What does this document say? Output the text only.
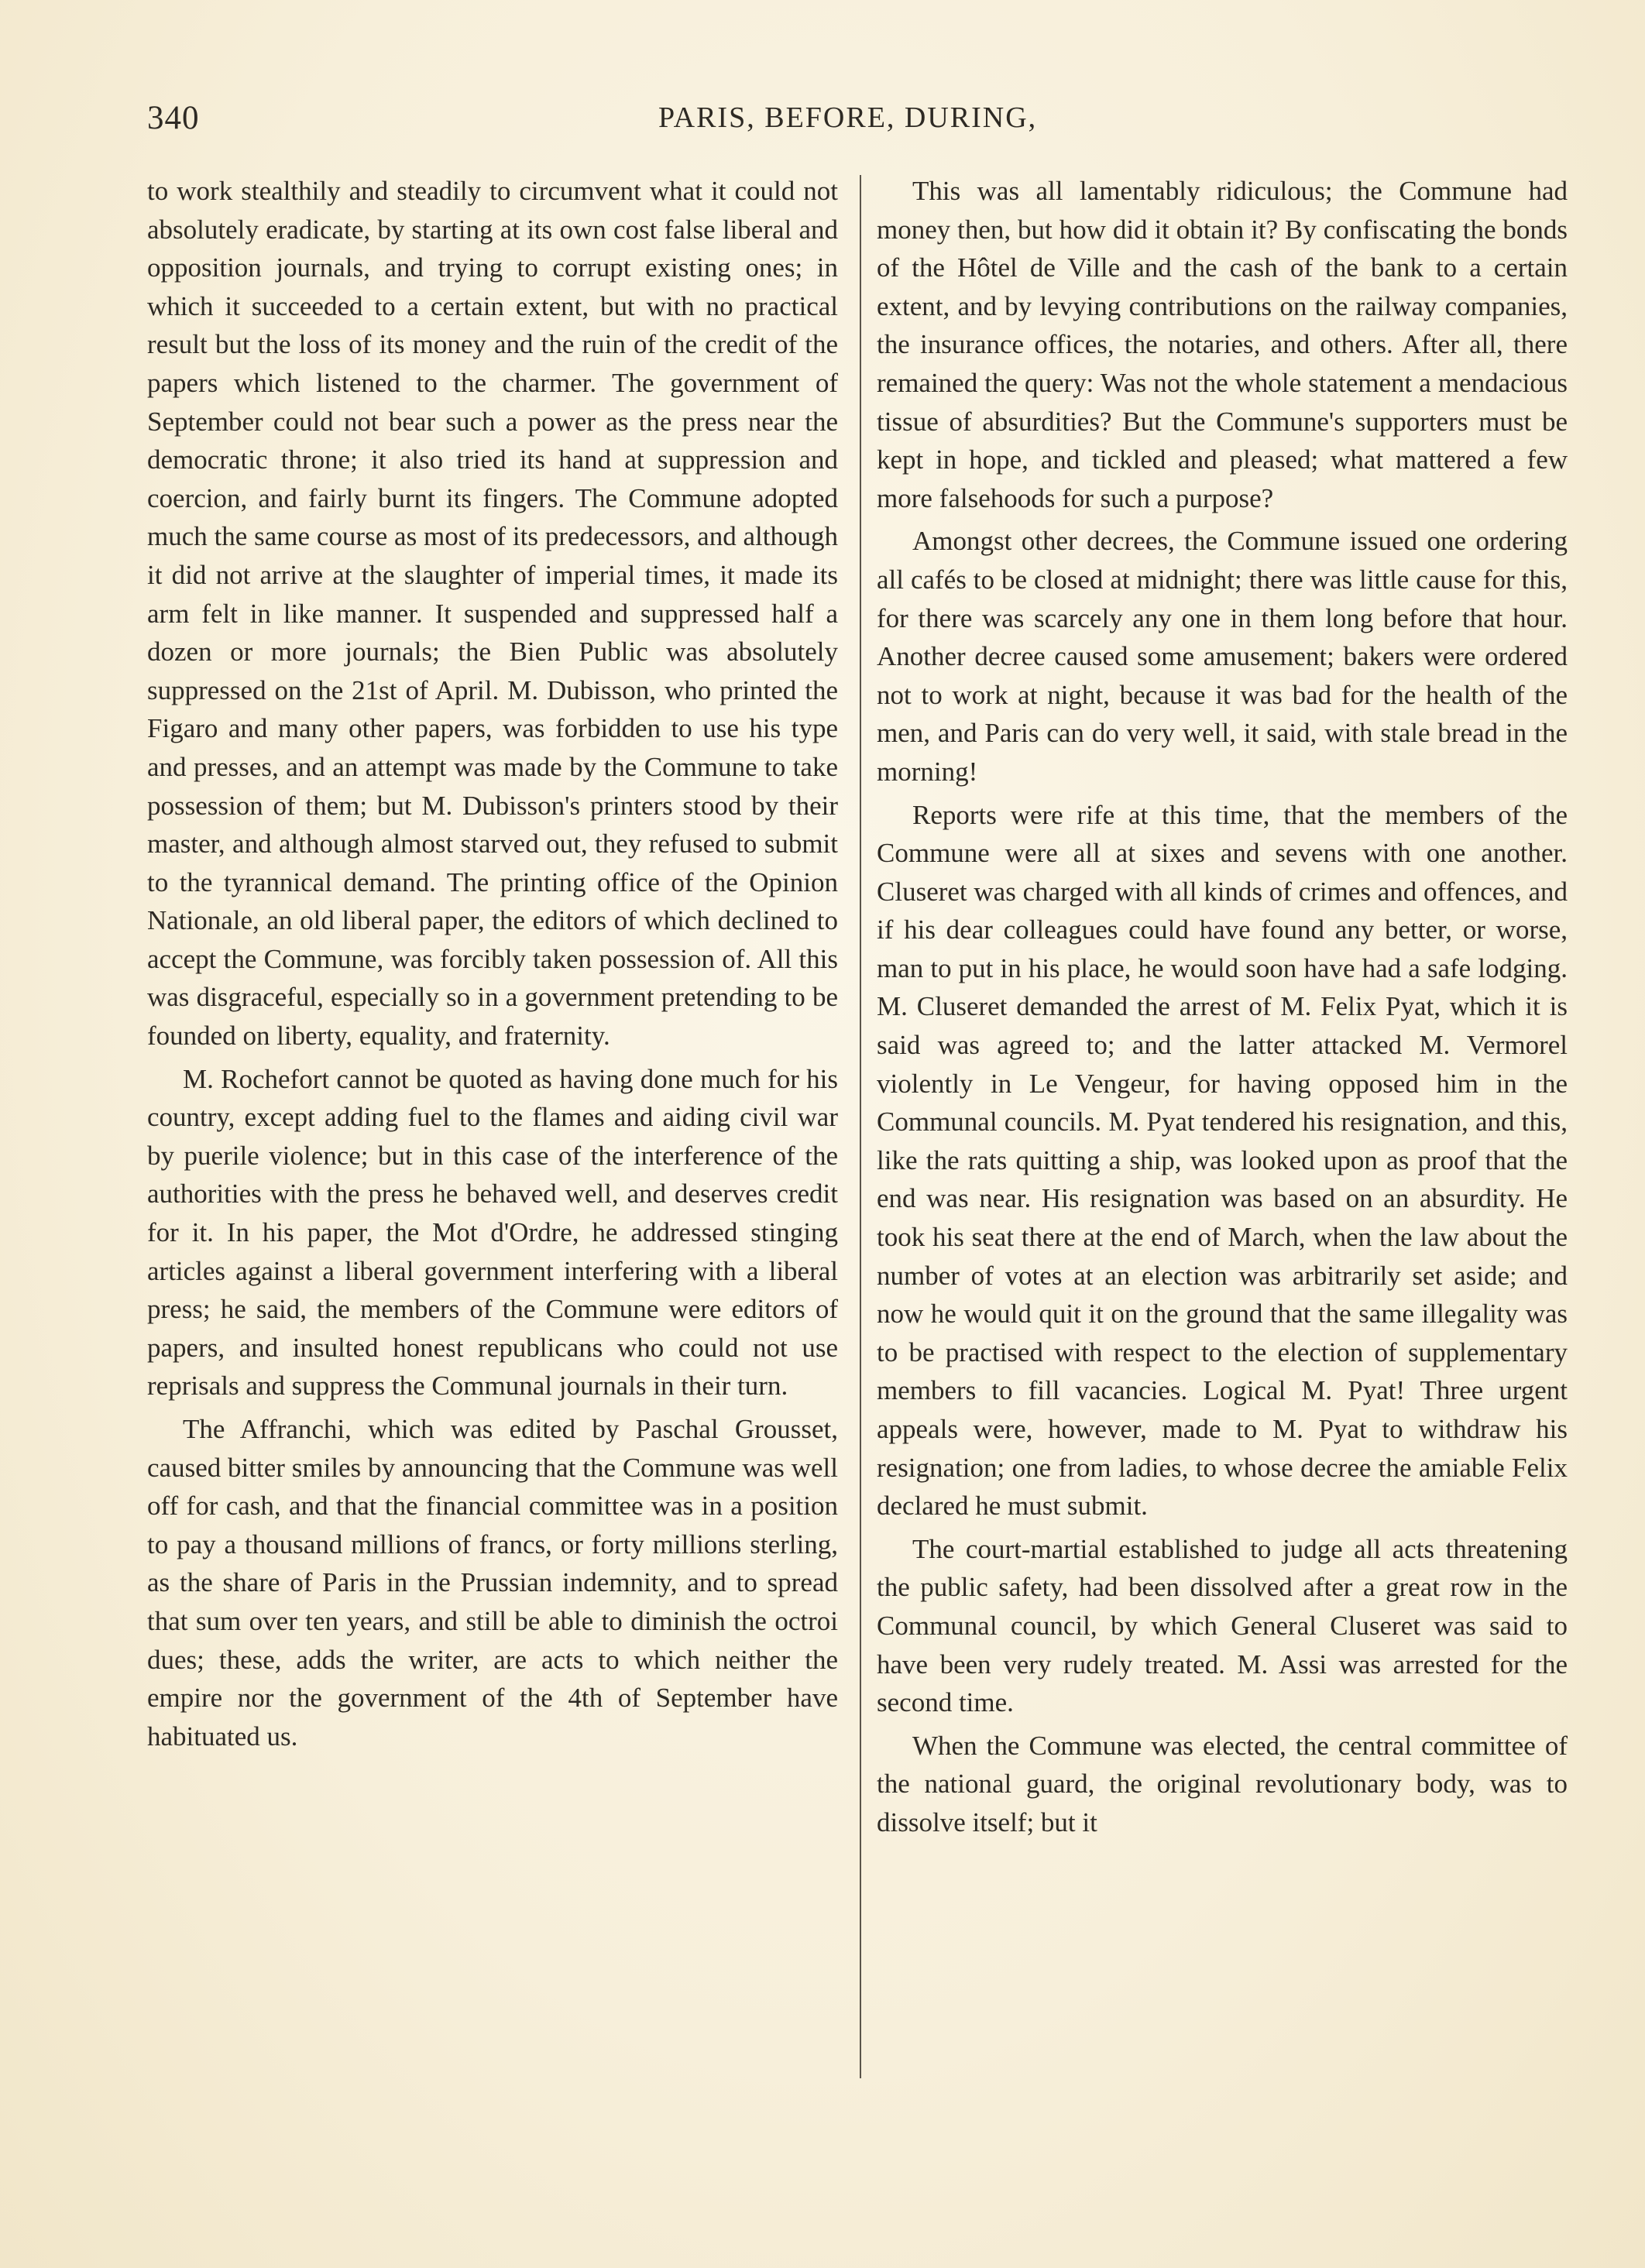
340	PARIS, BEFORE, DURING,

to work stealthily and steadily to circumvent what it could not absolutely eradicate, by starting at its own cost false liberal and opposition journals, and trying to corrupt existing ones; in which it succeeded to a certain extent, but with no practical result but the loss of its money and the ruin of the credit of the papers which listened to the charmer. The government of September could not bear such a power as the press near the democratic throne; it also tried its hand at suppression and coercion, and fairly burnt its fingers. The Commune adopted much the same course as most of its predecessors, and although it did not arrive at the slaughter of imperial times, it made its arm felt in like manner. It suspended and suppressed half a dozen or more journals; the Bien Public was absolutely suppressed on the 21st of April. M. Dubisson, who printed the Figaro and many other papers, was forbidden to use his type and presses, and an attempt was made by the Commune to take possession of them; but M. Dubisson's printers stood by their master, and although almost starved out, they refused to submit to the tyrannical demand. The printing office of the Opinion Nationale, an old liberal paper, the editors of which declined to accept the Commune, was forcibly taken possession of. All this was disgraceful, especially so in a government pretending to be founded on liberty, equality, and fraternity.

M. Rochefort cannot be quoted as having done much for his country, except adding fuel to the flames and aiding civil war by puerile violence; but in this case of the interference of the authorities with the press he behaved well, and deserves credit for it. In his paper, the Mot d'Ordre, he addressed stinging articles against a liberal government interfering with a liberal press; he said, the members of the Commune were editors of papers, and insulted honest republicans who could not use reprisals and suppress the Communal journals in their turn.

The Affranchi, which was edited by Paschal Grousset, caused bitter smiles by announcing that the Commune was well off for cash, and that the financial committee was in a position to pay a thousand millions of francs, or forty millions sterling, as the share of Paris in the Prussian indemnity, and to spread that sum over ten years, and still be able to diminish the octroi dues; these, adds the writer, are acts to which neither the empire nor the government of the 4th of September have habituated us.

This was all lamentably ridiculous; the Commune had money then, but how did it obtain it? By confiscating the bonds of the Hôtel de Ville and the cash of the bank to a certain extent, and by levying contributions on the railway companies, the insurance offices, the notaries, and others. After all, there remained the query: Was not the whole statement a mendacious tissue of absurdities? But the Commune's supporters must be kept in hope, and tickled and pleased; what mattered a few more falsehoods for such a purpose?

Amongst other decrees, the Commune issued one ordering all cafés to be closed at midnight; there was little cause for this, for there was scarcely any one in them long before that hour. Another decree caused some amusement; bakers were ordered not to work at night, because it was bad for the health of the men, and Paris can do very well, it said, with stale bread in the morning!

Reports were rife at this time, that the members of the Commune were all at sixes and sevens with one another. Cluseret was charged with all kinds of crimes and offences, and if his dear colleagues could have found any better, or worse, man to put in his place, he would soon have had a safe lodging. M. Cluseret demanded the arrest of M. Felix Pyat, which it is said was agreed to; and the latter attacked M. Vermorel violently in Le Vengeur, for having opposed him in the Communal councils. M. Pyat tendered his resignation, and this, like the rats quitting a ship, was looked upon as proof that the end was near. His resignation was based on an absurdity. He took his seat there at the end of March, when the law about the number of votes at an election was arbitrarily set aside; and now he would quit it on the ground that the same illegality was to be practised with respect to the election of supplementary members to fill vacancies. Logical M. Pyat! Three urgent appeals were, however, made to M. Pyat to withdraw his resignation; one from ladies, to whose decree the amiable Felix declared he must submit.

The court-martial established to judge all acts threatening the public safety, had been dissolved after a great row in the Communal council, by which General Cluseret was said to have been very rudely treated. M. Assi was arrested for the second time.

When the Commune was elected, the central committee of the national guard, the original revolutionary body, was to dissolve itself; but it
